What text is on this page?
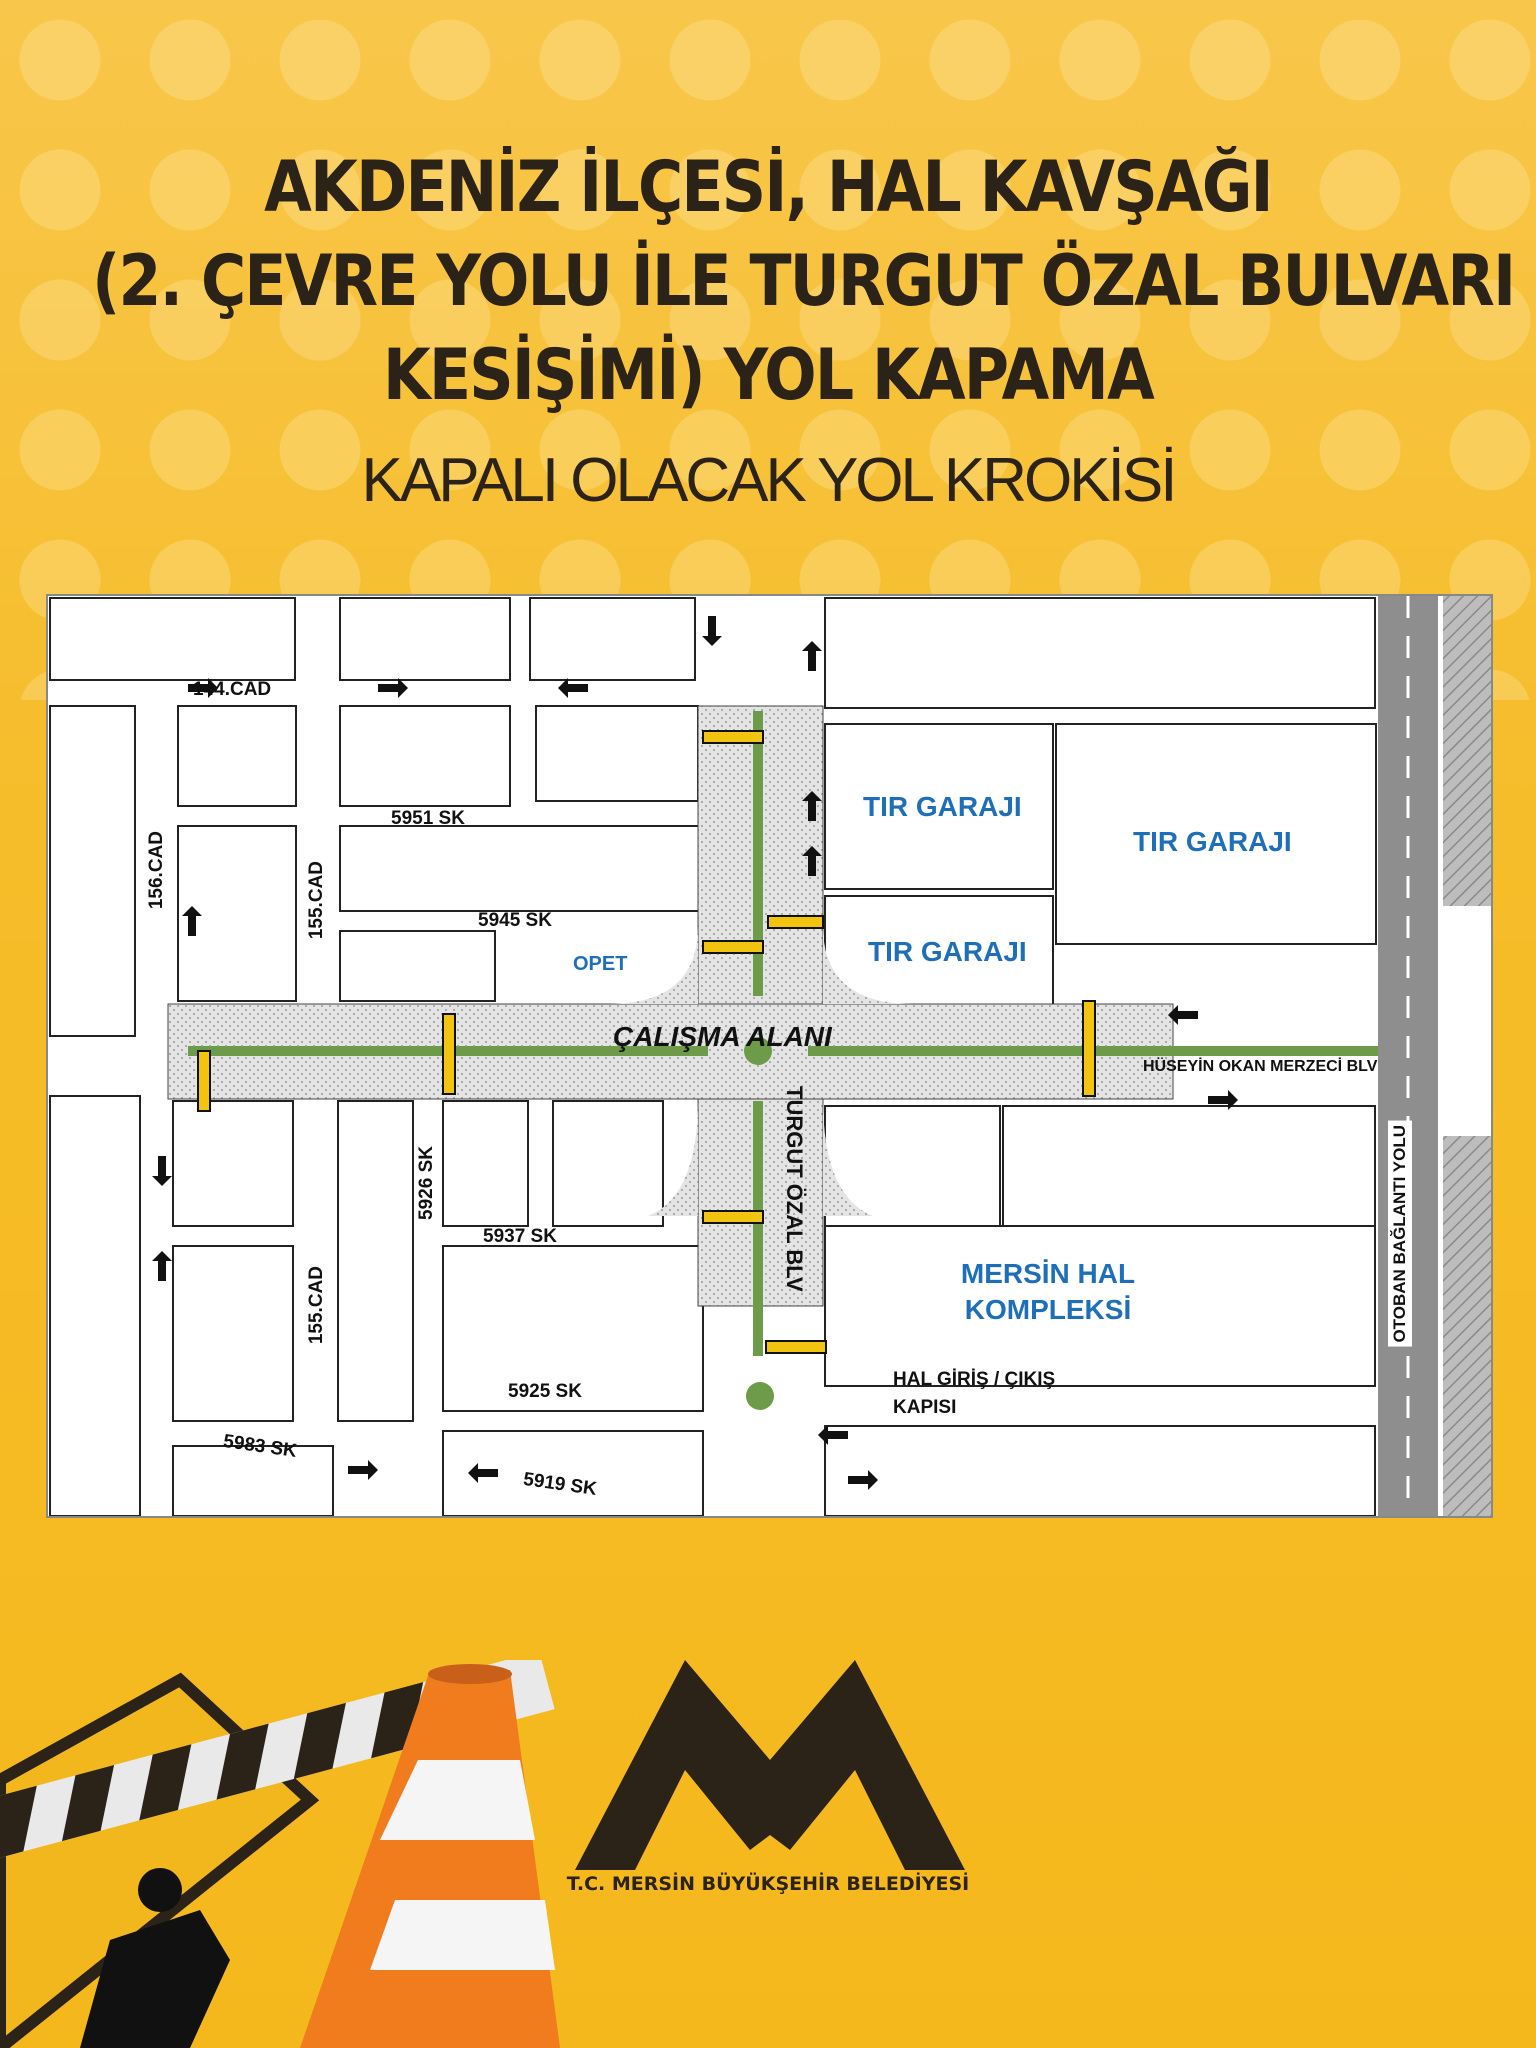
AKDENİZ İLÇESİ, HAL KAVŞAĞI
(2. ÇEVRE YOLU İLE TURGUT ÖZAL BULVARI
KESİŞİMİ) YOL KAPAMA
KAPALI OLACAK YOL KROKİSİ
ÇALIŞMA ALANI
144.CAD
156.CAD	155.CAD
155.CAD
5951 SK
5945 SK
5926 SK
5937 SK
5925 SK
5983 SK
5919 SK
TURGUT ÖZAL BLV
HÜSEYİN OKAN MERZECİ BLV
OTOBAN BAĞLANTI YOLU
TIR GARAJI
TIR GARAJI
TIR GARAJI
OPET
MERSİN HAL KOMPLEKSİ
HAL GİRİŞ / ÇIKIŞ KAPISI
T.C. MERSİN BÜYÜKŞEHİR BELEDİYESİ
